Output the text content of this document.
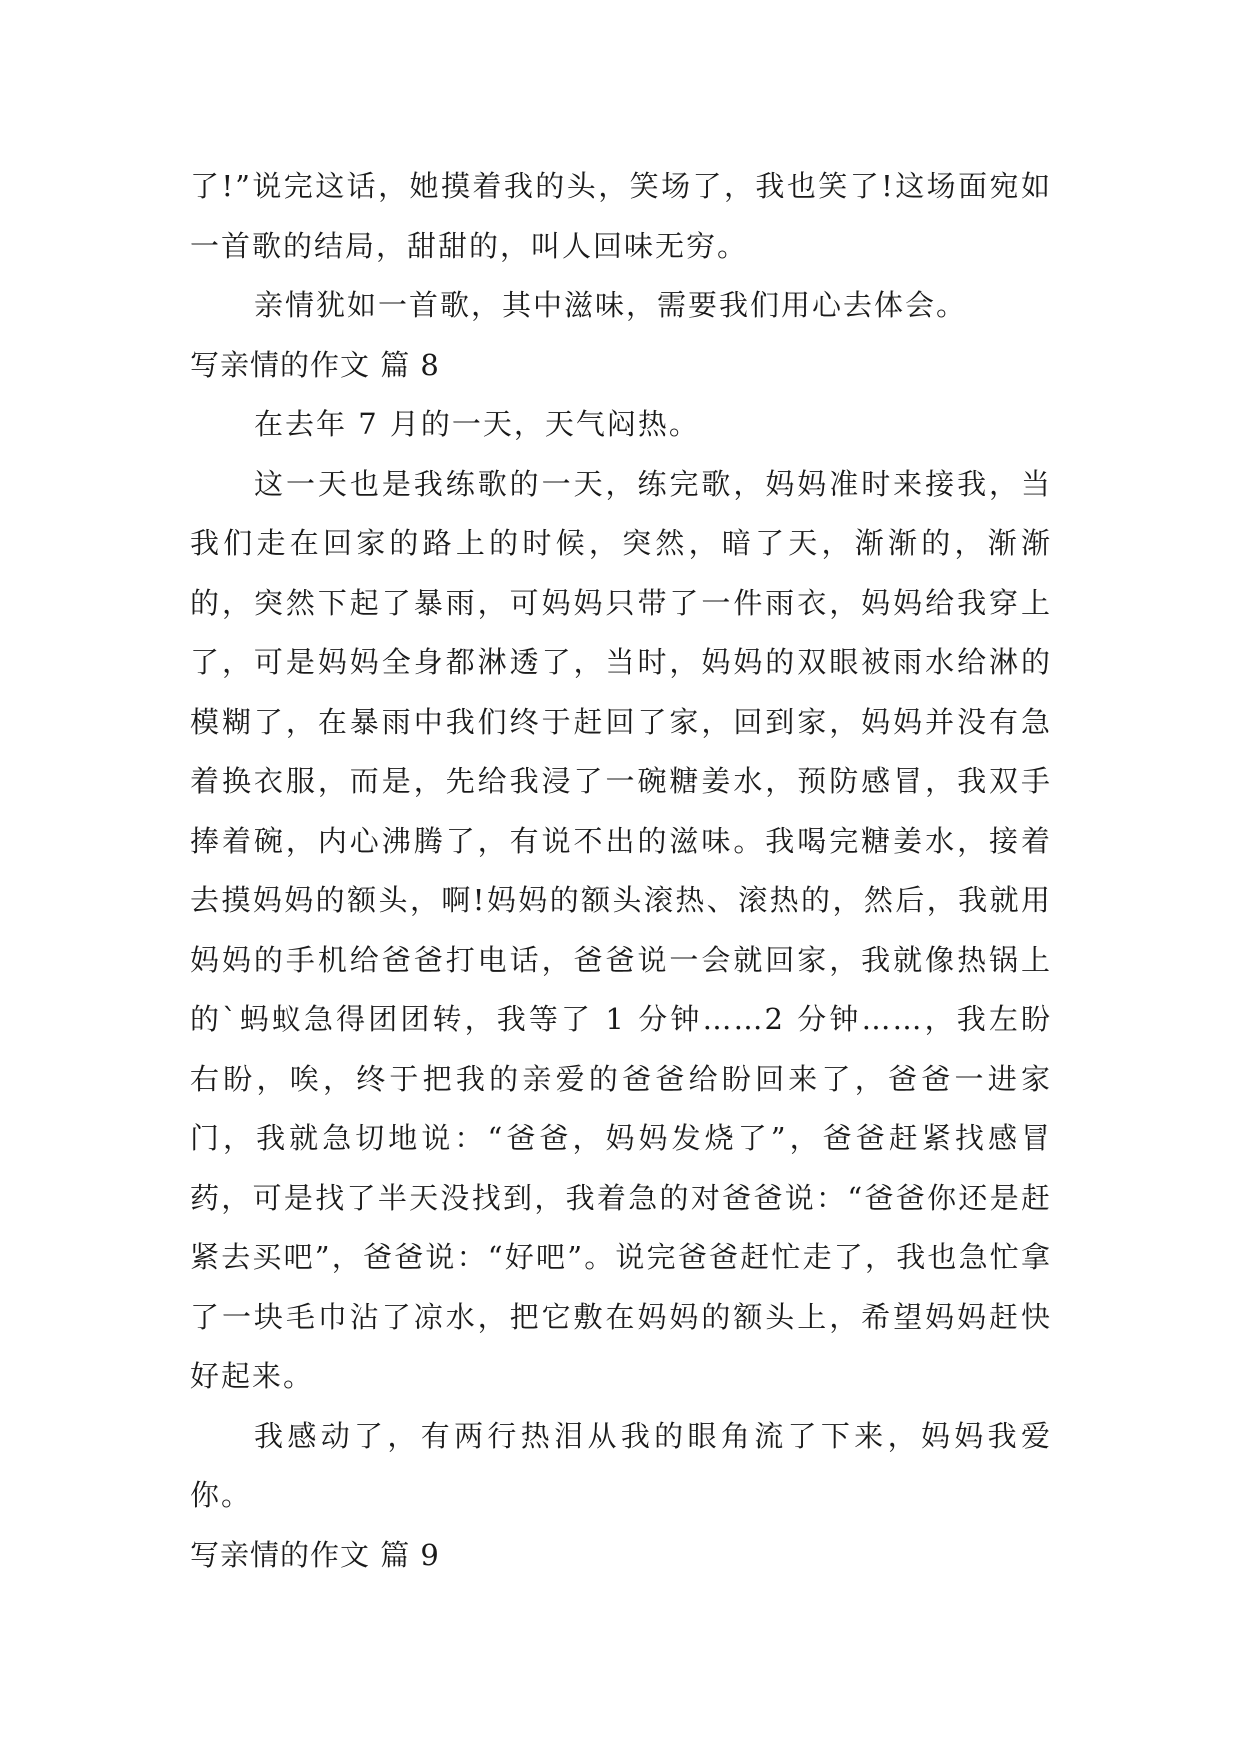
了!”说完这话，她摸着我的头，笑场了，我也笑了!这场面宛如一首歌的结局，甜甜的，叫人回味无穷。

亲情犹如一首歌，其中滋味，需要我们用心去体会。

写亲情的作文 篇 8

在去年 7 月的一天，天气闷热。

这一天也是我练歌的一天，练完歌，妈妈准时来接我，当我们走在回家的路上的时候，突然，暗了天，渐渐的，渐渐的，突然下起了暴雨，可妈妈只带了一件雨衣，妈妈给我穿上了，可是妈妈全身都淋透了，当时，妈妈的双眼被雨水给淋的模糊了，在暴雨中我们终于赶回了家，回到家，妈妈并没有急着换衣服，而是，先给我浸了一碗糖姜水，预防感冒，我双手捧着碗，内心沸腾了，有说不出的滋味。我喝完糖姜水，接着去摸妈妈的额头，啊!妈妈的额头滚热、滚热的，然后，我就用妈妈的手机给爸爸打电话，爸爸说一会就回家，我就像热锅上的`蚂蚁急得团团转，我等了 1 分钟……2 分钟……，我左盼右盼，唉，终于把我的亲爱的爸爸给盼回来了，爸爸一进家门，我就急切地说：“爸爸，妈妈发烧了”，爸爸赶紧找感冒药，可是找了半天没找到，我着急的对爸爸说：“爸爸你还是赶紧去买吧”，爸爸说：“好吧”。说完爸爸赶忙走了，我也急忙拿了一块毛巾沾了凉水，把它敷在妈妈的额头上，希望妈妈赶快好起来。

我感动了，有两行热泪从我的眼角流了下来，妈妈我爱你。

写亲情的作文 篇 9
